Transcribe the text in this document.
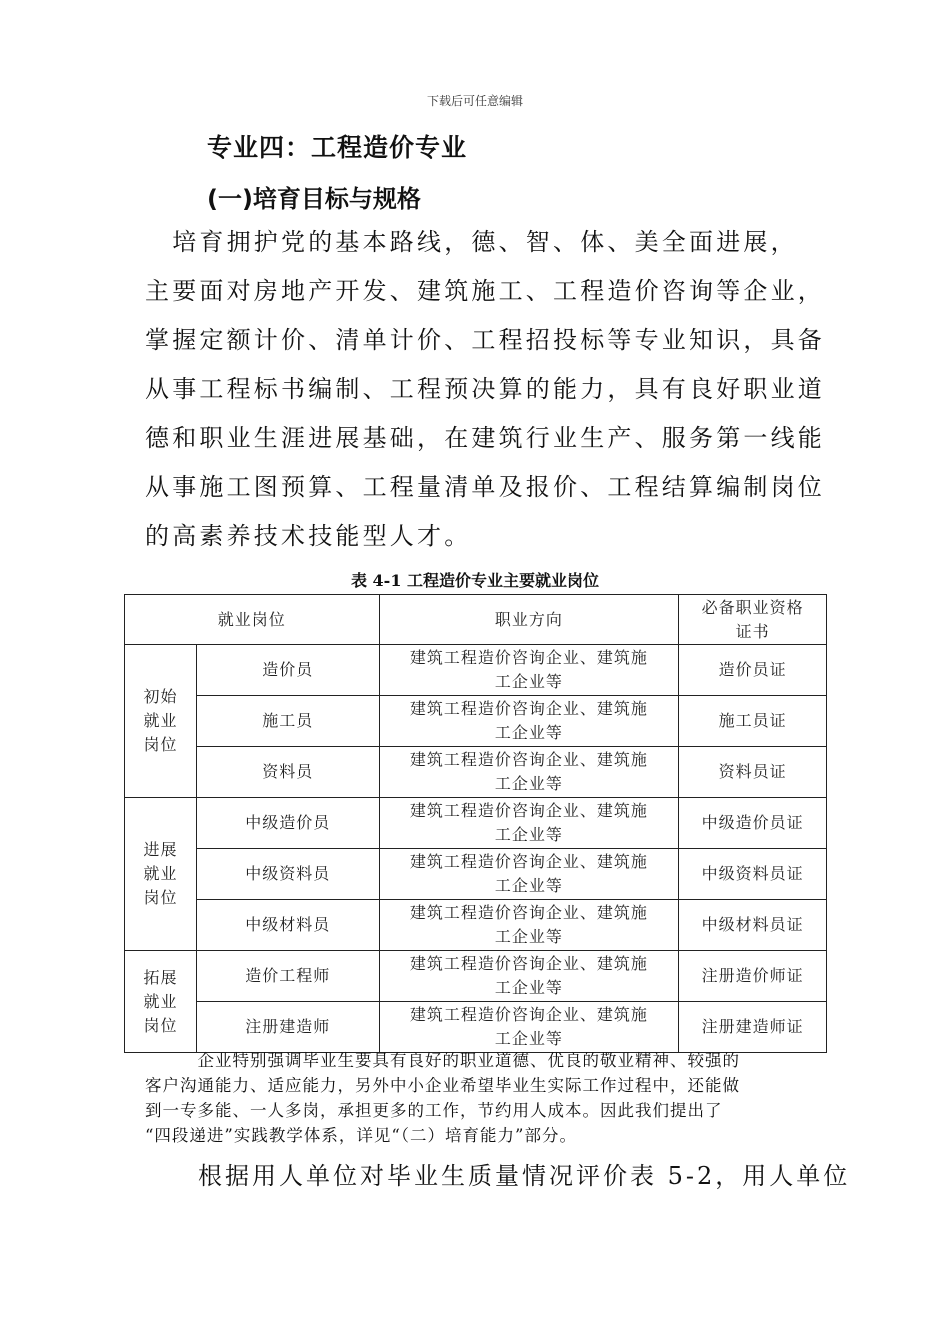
下载后可任意编辑
专业四：工程造价专业
(一)培育目标与规格
　培育拥护党的基本路线，德、智、体、美全面进展，
主要面对房地产开发、建筑施工、工程造价咨询等企业，
掌握定额计价、清单计价、工程招投标等专业知识，具备
从事工程标书编制、工程预决算的能力，具有良好职业道
德和职业生涯进展基础，在建筑行业生产、服务第一线能
从事施工图预算、工程量清单及报价、工程结算编制岗位
的高素养技术技能型人才。
表 4-1 工程造价专业主要就业岗位
就业岗位		职业方向	必备职业资格
证书
初始
就业
岗位	造价员	建筑工程造价咨询企业、建筑施
工企业等	造价员证
	施工员	建筑工程造价咨询企业、建筑施
工企业等	施工员证
	资料员	建筑工程造价咨询企业、建筑施
工企业等	资料员证
进展
就业
岗位	中级造价员	建筑工程造价咨询企业、建筑施
工企业等	中级造价员证
	中级资料员	建筑工程造价咨询企业、建筑施
工企业等	中级资料员证
	中级材料员	建筑工程造价咨询企业、建筑施
工企业等	中级材料员证
拓展
就业
岗位	造价工程师	建筑工程造价咨询企业、建筑施
工企业等	注册造价师证
	注册建造师	建筑工程造价咨询企业、建筑施
工企业等	注册建造师证
　　　企业特别强调毕业生要具有良好的职业道德、优良的敬业精神、较强的
客户沟通能力、适应能力，另外中小企业希望毕业生实际工作过程中，还能做
到一专多能、一人多岗，承担更多的工作，节约用人成本。因此我们提出了
“四段递进”实践教学体系，详见“（二）培育能力”部分。
根据用人单位对毕业生质量情况评价表 5-2，用人单位
